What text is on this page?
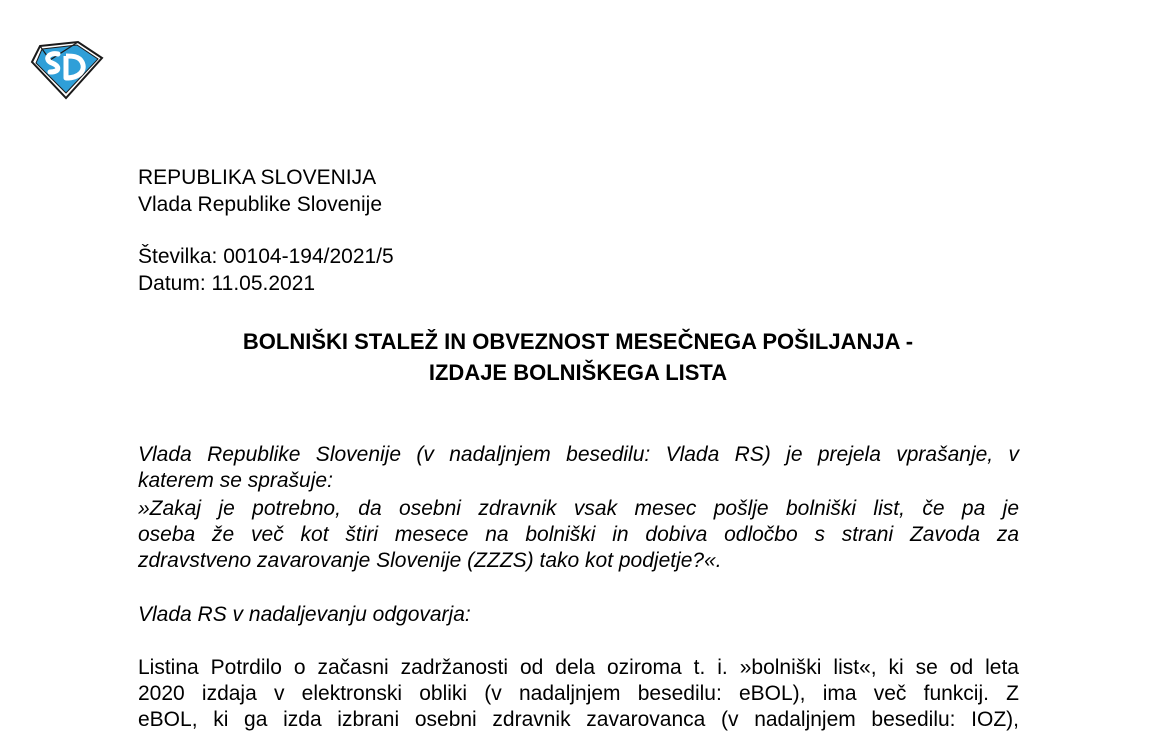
REPUBLIKA SLOVENIJA
Vlada Republike Slovenije
Številka: 00104-194/2021/5
Datum: 11.05.2021
BOLNIŠKI STALEŽ IN OBVEZNOST MESEČNEGA POŠILJANJA -
IZDAJE BOLNIŠKEGA LISTA
Vlada Republike Slovenije (v nadaljnjem besedilu: Vlada RS) je prejela vprašanje, v
katerem se sprašuje:
»Zakaj je potrebno, da osebni zdravnik vsak mesec pošlje bolniški list, če pa je
oseba že več kot štiri mesece na bolniški in dobiva odločbo s strani Zavoda za
zdravstveno zavarovanje Slovenije (ZZZS) tako kot podjetje?«.
Vlada RS v nadaljevanju odgovarja:
Listina Potrdilo o začasni zadržanosti od dela oziroma t. i. »bolniški list«, ki se od leta
2020 izdaja v elektronski obliki (v nadaljnjem besedilu: eBOL), ima več funkcij. Z
eBOL, ki ga izda izbrani osebni zdravnik zavarovanca (v nadaljnjem besedilu: IOZ),
